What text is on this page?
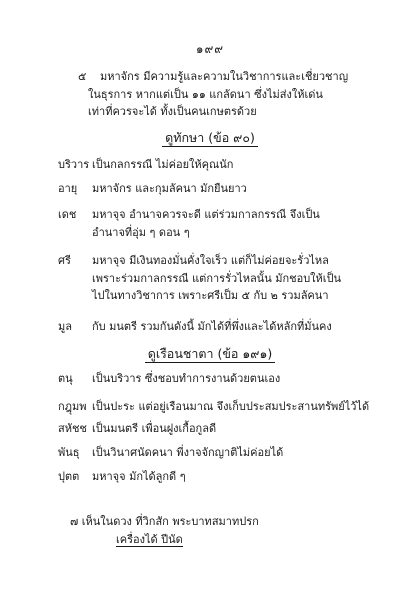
๑๙๙
๕	มหาจักร มีความรู้และความในวิชาการและเชี่ยวชาญ
ในธุรการ หากแต่เป็น ๑๑ แกลัดนา ซึ่งไม่ส่งให้เด่น
เท่าที่ควรจะได้ ทั้งเป็นคนเกษตรด้วย
ดูทักษา (ข้อ ๙๐)
บริวาร เป็นกลกรรณี ไม่ค่อยให้คุณนัก
อายุ มหาจักร และกุมลัคนา มักยืนยาว
เดช มหาจุจ อำนาจควรจะดี แต่ร่วมกาลกรรณี จึงเป็น
อำนาจที่อุ่ม ๆ ดอน ๆ
ศรี มหาจุจ มีเงินทองมั่นคั่งใจเร็ว แต่ก็ไม่ค่อยจะรั่วไหล
เพราะร่วมกาลกรรณี แต่การรั่วไหลนั้น มักชอบให้เป็น
ไปในทางวิชาการ เพราะศรีเป็ม ๕ กับ ๒ รวมลัคนา
มูล กับ มนตรี รวมกันดังนี้ มักได้ที่พึ่งและได้หลักที่มั่นคง
ดูเรือนชาตา (ข้อ ๑๙๑)
ตนุ เป็นบริวาร ซึ่งชอบทำการงานด้วยตนเอง
กฎุมพ เป็นปะระ แต่อยู่เรือนมาณ จึงเก็บประสมประสานทรัพย์ไว้ได้
สหัชช เป็นมนตรี เพื่อนฝูงเกื้อกูลดี
พันธุ เป็นวินาศนัดคนา พี่งาจจักญาติไม่ค่อยได้
ปุตต มหาจุจ มักได้ลูกดี ๆ
๗ เห็นในดวง ที่วิกสัก พระบาทสมาทปรก
เครื่องได้ ปีนัด
